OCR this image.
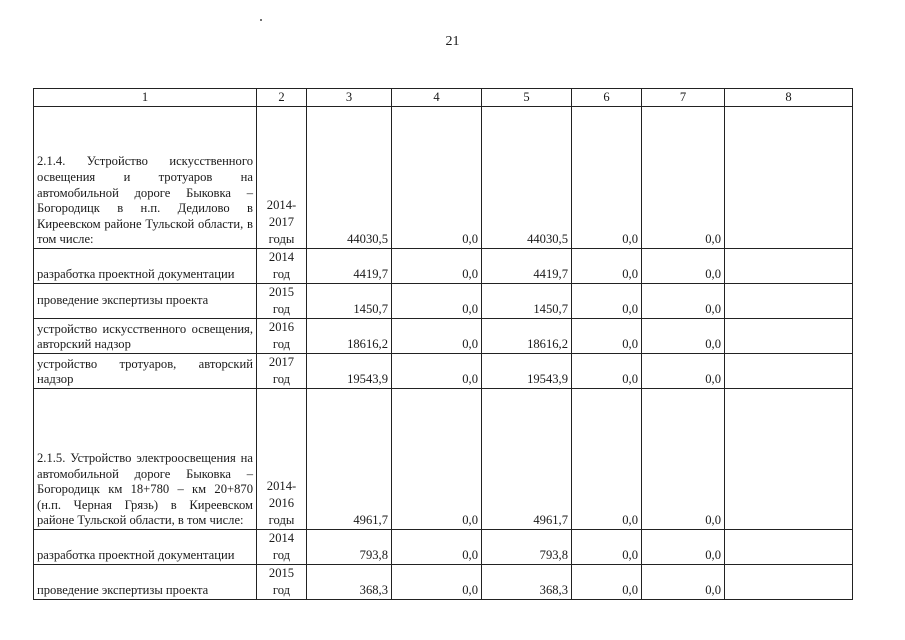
21
1	2	3	4	5	6	7	8
2.1.4. Устройство искусственного освещения и тротуаров на автомобильной дороге Быковка – Богородицк в н.п. Дедилово в Киреевском районе Тульской области, в том числе:	2014-2017 годы	44030,5	0,0	44030,5	0,0	0,0	
разработка проектной документации	2014 год	4419,7	0,0	4419,7	0,0	0,0	
проведение экспертизы проекта	2015 год	1450,7	0,0	1450,7	0,0	0,0	
устройство искусственного освещения, авторский надзор	2016 год	18616,2	0,0	18616,2	0,0	0,0	
устройство тротуаров, авторский надзор	2017 год	19543,9	0,0	19543,9	0,0	0,0	
2.1.5. Устройство электроосвещения на автомобильной дороге Быковка – Богородицк км 18+780 – км 20+870 (н.п. Черная Грязь) в Киреевском районе Тульской области, в том числе:	2014-2016 годы	4961,7	0,0	4961,7	0,0	0,0	
разработка проектной документации	2014 год	793,8	0,0	793,8	0,0	0,0	
проведение экспертизы проекта	2015 год	368,3	0,0	368,3	0,0	0,0	
